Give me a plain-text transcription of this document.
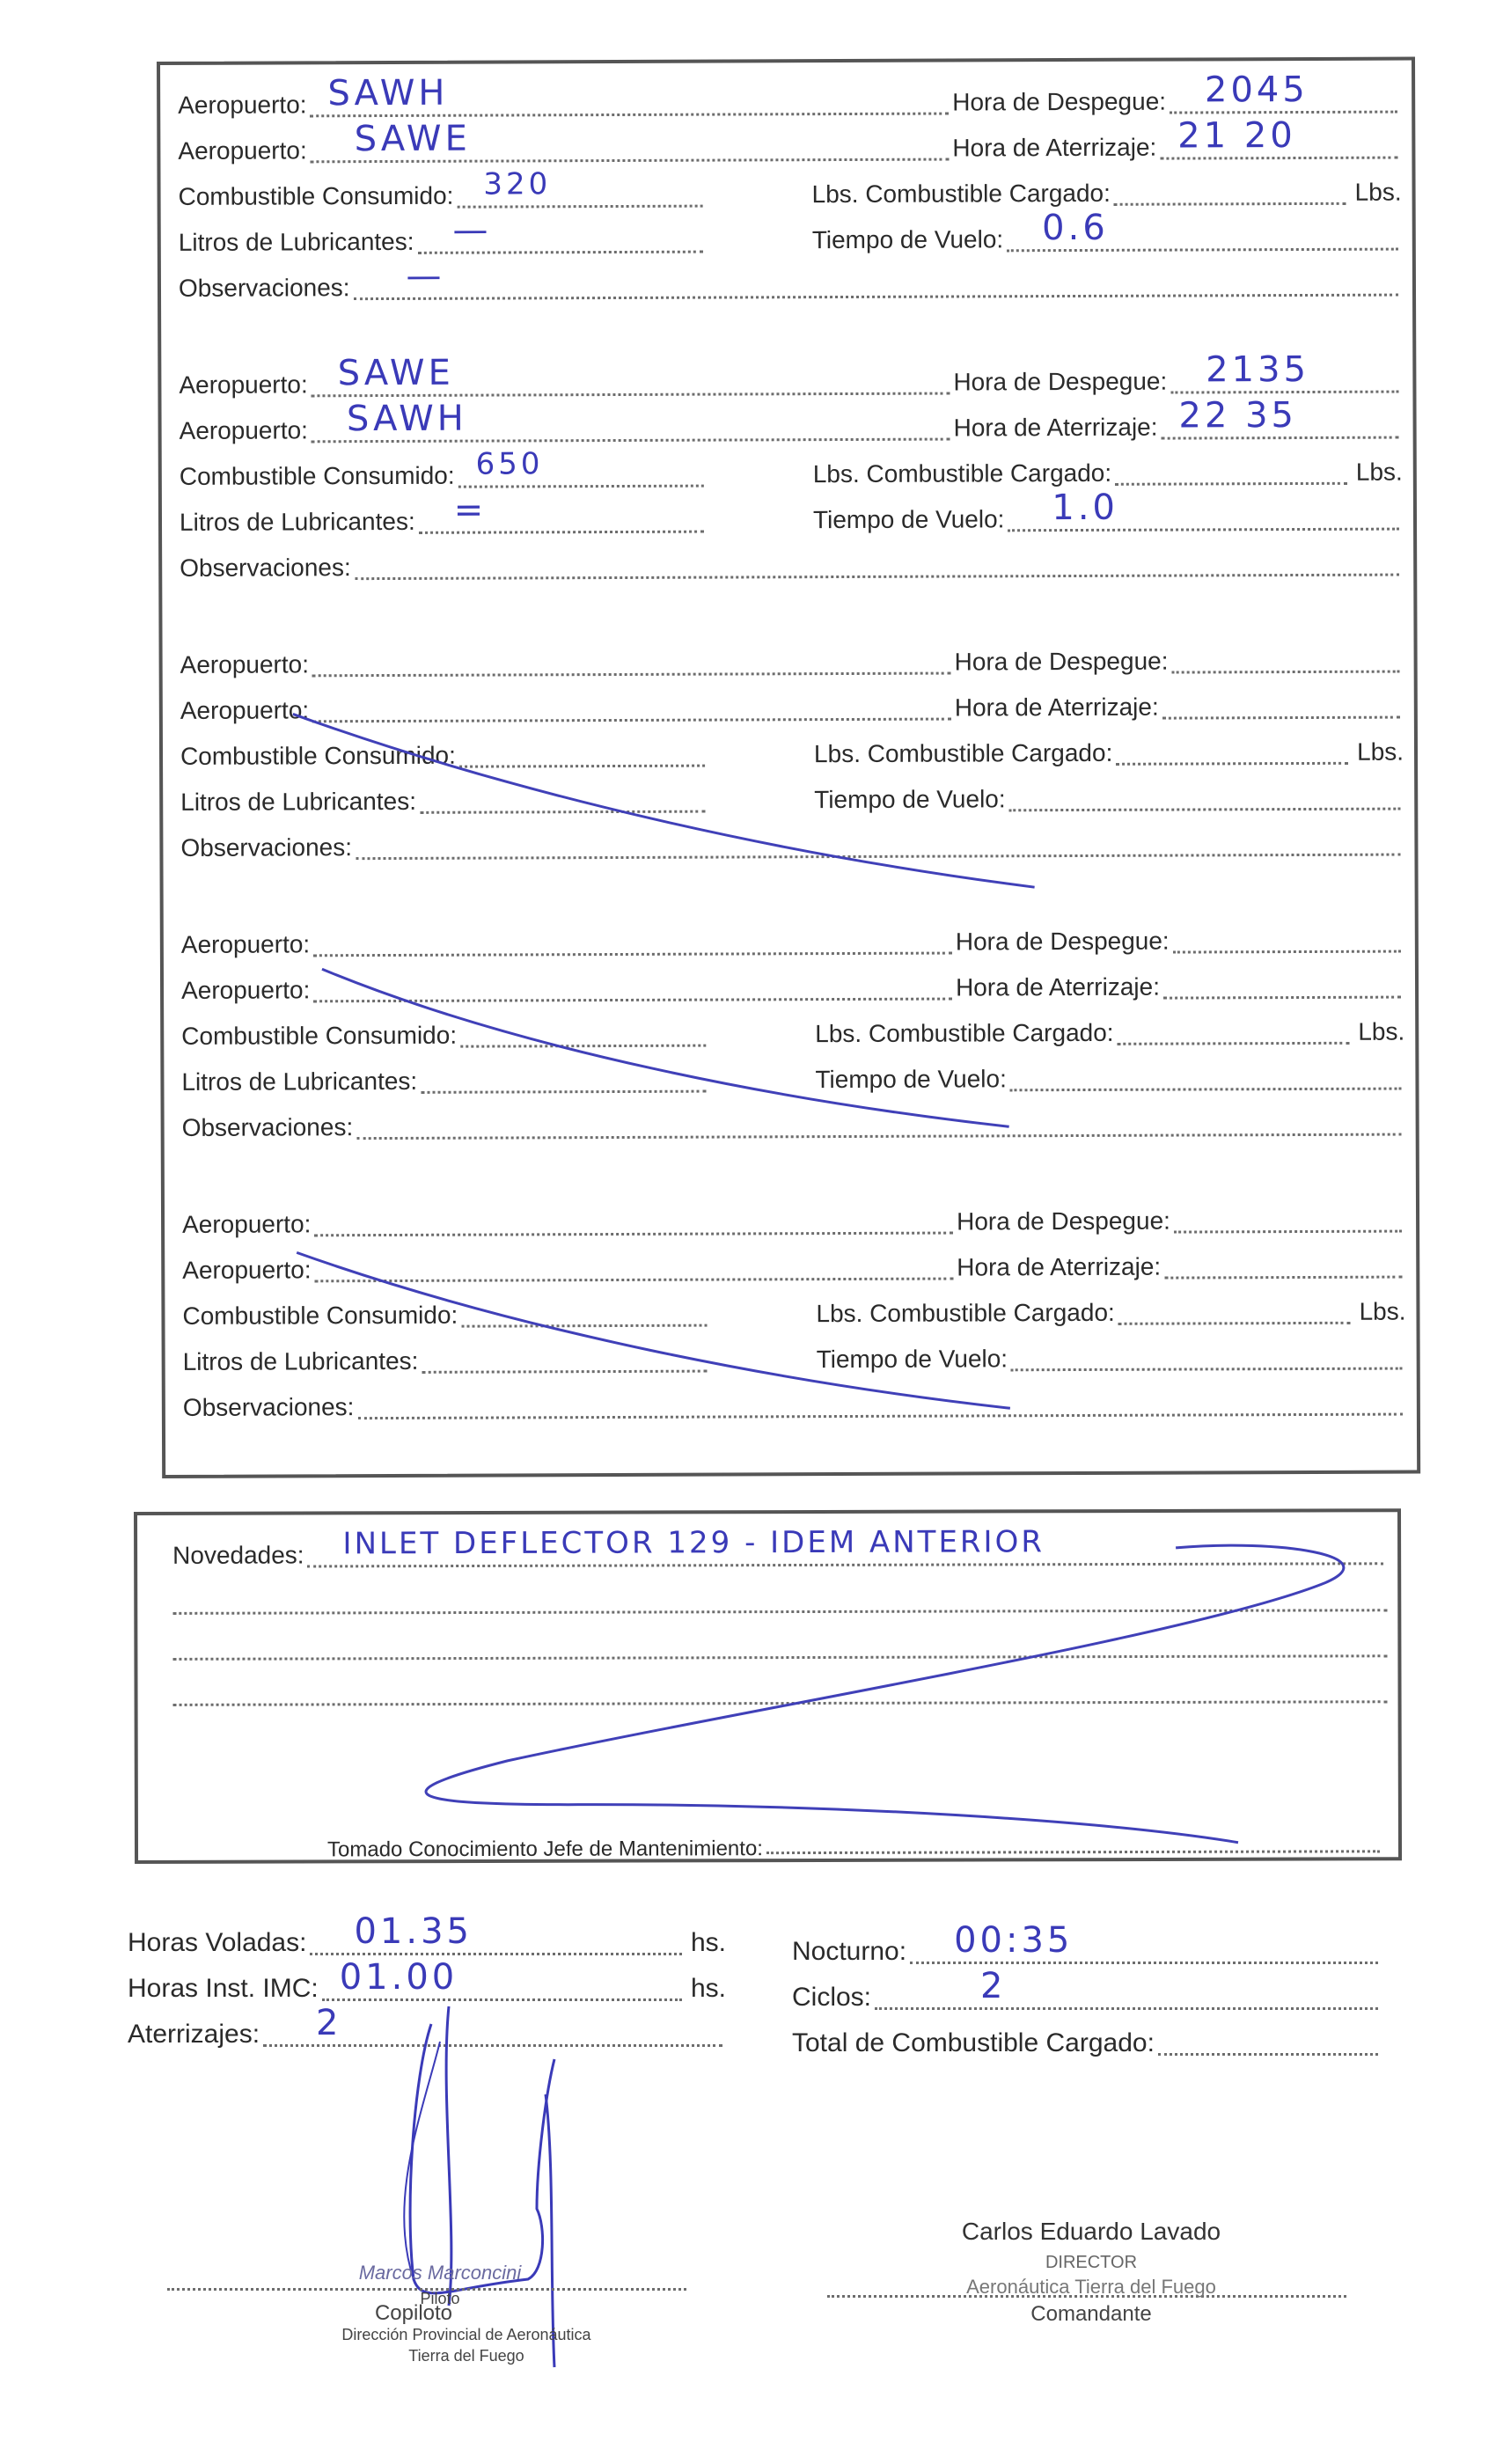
Aeropuerto: SAWH	Hora de Despegue: 2045
Aeropuerto: SAWE	Hora de Aterrizaje: 21 20
Combustible Consumido: 320	Lbs. Combustible Cargado:	Lbs.
Litros de Lubricantes: —	Tiempo de Vuelo: 0.6
Observaciones: —
Aeropuerto: SAWE	Hora de Despegue: 2135
Aeropuerto: SAWH	Hora de Aterrizaje: 22 35
Combustible Consumido: 650	Lbs. Combustible Cargado:	Lbs.
Litros de Lubricantes: =	Tiempo de Vuelo: 1.0
Observaciones:
Aeropuerto:	Hora de Despegue:
Aeropuerto:	Hora de Aterrizaje:
Combustible Consumido:	Lbs. Combustible Cargado:	Lbs.
Litros de Lubricantes:	Tiempo de Vuelo:
Observaciones:
Aeropuerto:	Hora de Despegue:
Aeropuerto:	Hora de Aterrizaje:
Combustible Consumido:	Lbs. Combustible Cargado:	Lbs.
Litros de Lubricantes:	Tiempo de Vuelo:
Observaciones:
Aeropuerto:	Hora de Despegue:
Aeropuerto:	Hora de Aterrizaje:
Combustible Consumido:	Lbs. Combustible Cargado:	Lbs.
Litros de Lubricantes:	Tiempo de Vuelo:
Observaciones:
Novedades: INLET DEFLECTOR 129 - IDEM ANTERIOR
Tomado Conocimiento Jefe de Mantenimiento:
Horas Voladas: 01.35	hs.
Horas Inst. IMC: 01.00	hs.
Aterrizajes: 2
Nocturno: 00:35
Ciclos:	2
Total de Combustible Cargado:
Marcos Marconcini
Piloto
Copiloto
Dirección Provincial de Aeronáutica
Tierra del Fuego
Carlos Eduardo Lavado
DIRECTOR
Aeronáutica Tierra del Fuego
Comandante
